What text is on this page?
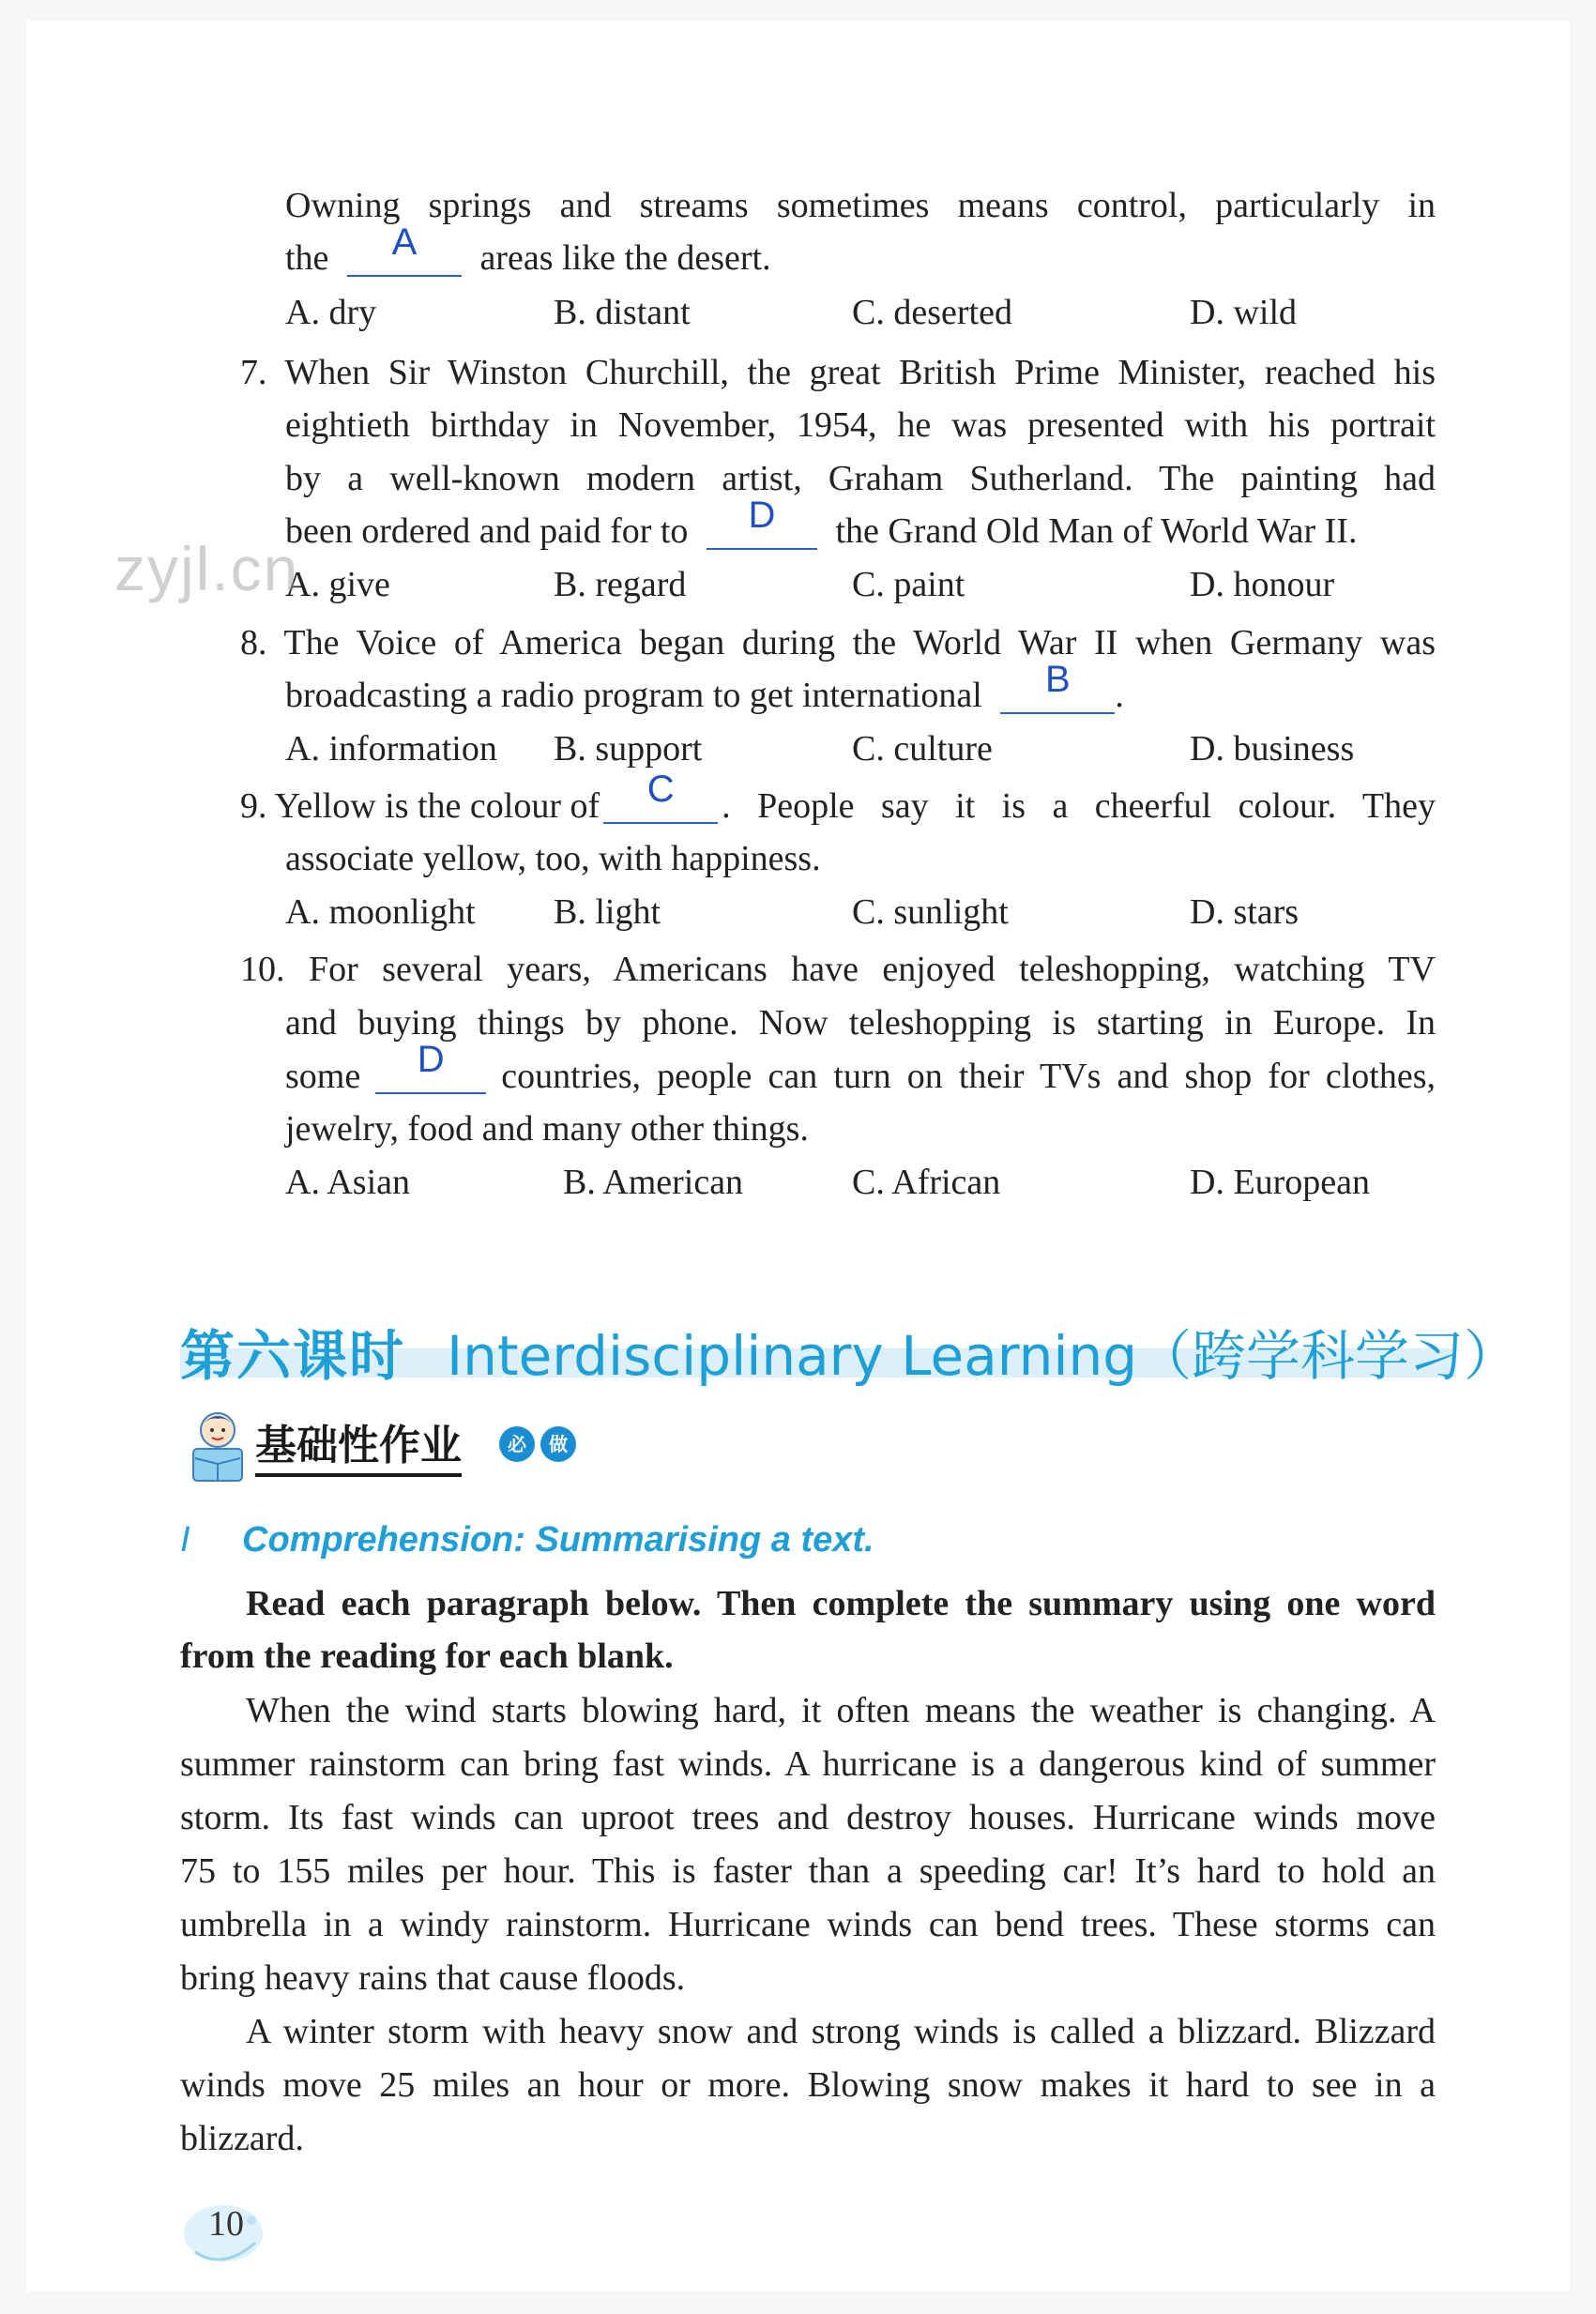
Owning springs and streams sometimes means control, particularly in
the	A	areas like the desert.
A. dry	B. distant	C. deserted	D. wild
7. When Sir Winston Churchill, the great British Prime Minister, reached his
eightieth birthday in November, 1954, he was presented with his portrait
by a well-known modern artist, Graham Sutherland. The painting had
been ordered and paid for to	D	the Grand Old Man of World War II.
A. give	B. regard	C. paint	D. honour
zyjl.cn
8. The Voice of America began during the World War II when Germany was
broadcasting a radio program to get international	B	.
A. information B. support	C. culture	D. business
9. Yellow is the colour of	C	. People say it is a cheerful colour. They
associate yellow, too, with happiness.
A. moonlight B. light	C. sunlight	D. stars
10. For several years, Americans have enjoyed teleshopping, watching TV
and buying things by phone. Now teleshopping is starting in Europe. In
some	D	countries, people can turn on their TVs and shop for clothes,
jewelry, food and many other things.
A. Asian	B. American	C. African	D. European
第六课时 Interdisciplinary Learning（跨学科学习）
基础性作业	必	做
I Comprehension: Summarising a text.
Read each paragraph below. Then complete the summary using one word
from the reading for each blank.
When the wind starts blowing hard, it often means the weather is changing. A
summer rainstorm can bring fast winds. A hurricane is a dangerous kind of summer
storm. Its fast winds can uproot trees and destroy houses. Hurricane winds move
75 to 155 miles per hour. This is faster than a speeding car! It’s hard to hold an
umbrella in a windy rainstorm. Hurricane winds can bend trees. These storms can
bring heavy rains that cause floods.
A winter storm with heavy snow and strong winds is called a blizzard. Blizzard
winds move 25 miles an hour or more. Blowing snow makes it hard to see in a
blizzard.
10
